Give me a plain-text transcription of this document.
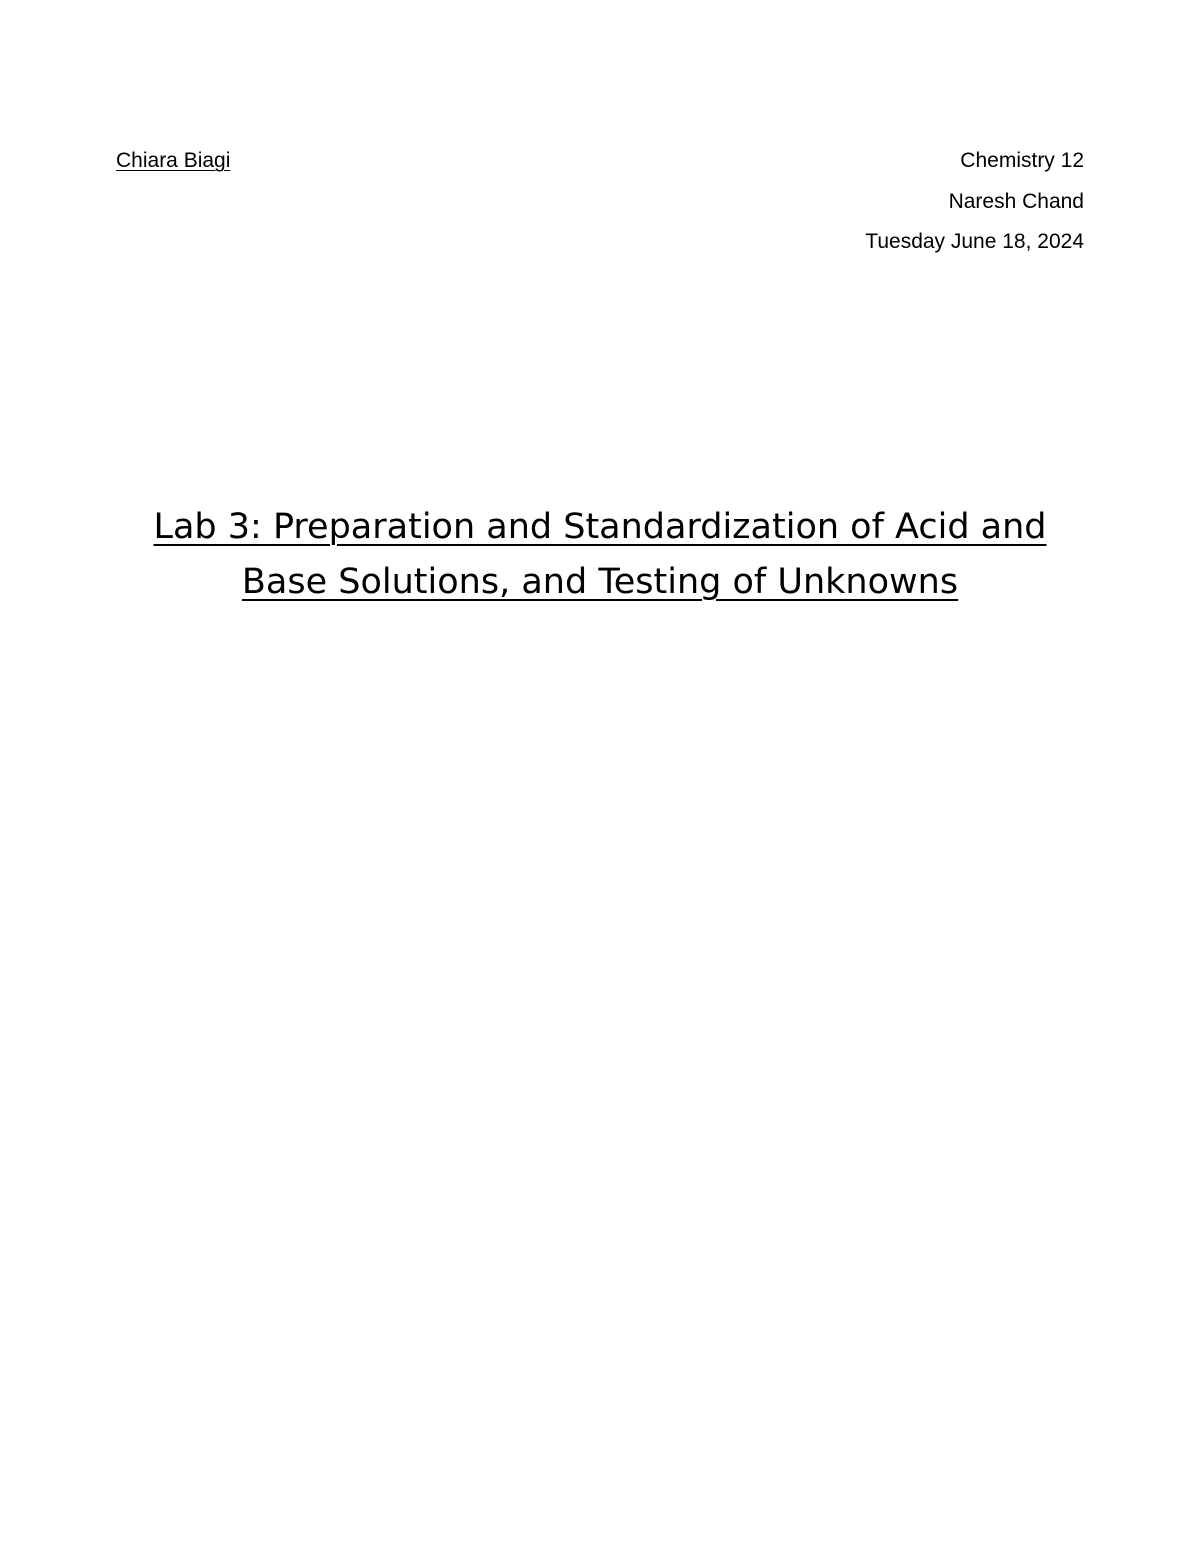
Chiara Biagi	Chemistry 12
Naresh Chand
Tuesday June 18, 2024
Lab 3: Preparation and Standardization of Acid and
Base Solutions, and Testing of Unknowns
